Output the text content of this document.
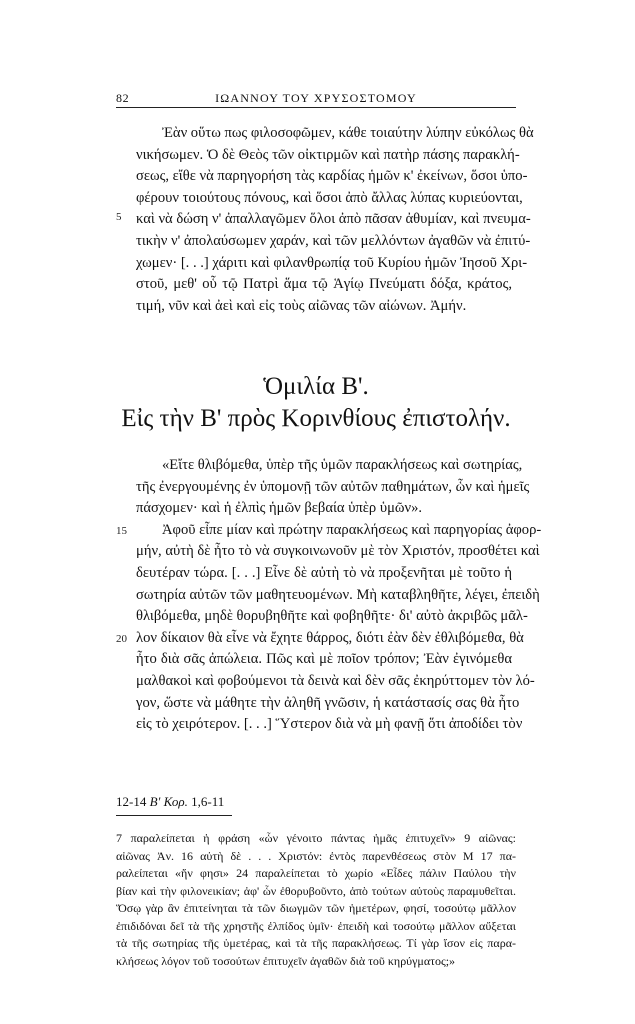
82	ΙΩΑΝΝΟΥ ΤΟΥ ΧΡΥΣΟΣΤΟΜΟΥ
Ἐὰν οὕτω πως φιλοσοφῶμεν, κάθε τοιαύτην λύπην εὐκόλως θὰ
νικήσωμεν. Ὁ δὲ Θεὸς τῶν οἰκτιρμῶν καὶ πατὴρ πάσης παρακλή-
σεως, εἴθε νὰ παρηγορήση τὰς καρδίας ἡμῶν κ' ἐκείνων, ὅσοι ὑπο-
φέρουν τοιούτους πόνους, καὶ ὅσοι ἀπὸ ἄλλας λύπας κυριεύονται,
καὶ νὰ δώση ν' ἀπαλλαγῶμεν ὅλοι ἀπὸ πᾶσαν ἀθυμίαν, καὶ πνευμα-
τικὴν ν' ἀπολαύσωμεν χαράν, καὶ τῶν μελλόντων ἀγαθῶν νὰ ἐπιτύ-
χωμεν· [. . .] χάριτι καὶ φιλανθρωπίᾳ τοῦ Κυρίου ἡμῶν Ἰησοῦ Χρι-
στοῦ, μεθ' οὗ τῷ Πατρὶ ἅμα τῷ Ἁγίῳ Πνεύματι δόξα, κράτος,
τιμή, νῦν καὶ ἀεὶ καὶ εἰς τοὺς αἰῶνας τῶν αἰώνων. Ἀμήν.
5
Ὁμιλία Β'.
Εἰς τὴν Β' πρὸς Κορινθίους ἐπιστολήν.
«Εἴτε θλιβόμεθα, ὑπὲρ τῆς ὑμῶν παρακλήσεως καὶ σωτηρίας,
τῆς ἐνεργουμένης ἐν ὑπομονῇ τῶν αὐτῶν παθημάτων, ὧν καὶ ἡμεῖς
πάσχομεν· καὶ ἡ ἐλπὶς ἡμῶν βεβαία ὑπὲρ ὑμῶν».
Ἀφοῦ εἶπε μίαν καὶ πρώτην παρακλήσεως καὶ παρηγορίας ἀφορ-
μήν, αὐτὴ δὲ ἦτο τὸ νὰ συγκοινωνοῦν μὲ τὸν Χριστόν, προσθέτει καὶ
δευτέραν τώρα. [. . .] Εἶνε δὲ αὐτὴ τὸ νὰ προξενῆται μὲ τοῦτο ἡ
σωτηρία αὐτῶν τῶν μαθητευομένων. Μὴ καταβληθῆτε, λέγει, ἐπειδὴ
θλιβόμεθα, μηδὲ θορυβηθῆτε καὶ φοβηθῆτε· δι' αὐτὸ ἀκριβῶς μᾶλ-
λον δίκαιον θὰ εἶνε νὰ ἔχητε θάρρος, διότι ἐὰν δὲν ἐθλιβόμεθα, θὰ
ἦτο διὰ σᾶς ἀπώλεια. Πῶς καὶ μὲ ποῖον τρόπον; Ἐὰν ἐγινόμεθα
μαλθακοὶ καὶ φοβούμενοι τὰ δεινὰ καὶ δὲν σᾶς ἐκηρύττομεν τὸν λό-
γον, ὥστε νὰ μάθητε τὴν ἀληθῆ γνῶσιν, ἡ κατάστασίς σας θὰ ἦτο
εἰς τὸ χειρότερον. [. . .] Ὕστερον διὰ νὰ μὴ φανῇ ὅτι ἀποδίδει τὸν
15
20
12-14 Β' Κορ. 1,6-11
7 παραλείπεται ἡ φράση «ὧν γένοιτο πάντας ἡμᾶς ἐπιτυχεῖν» 9 αἰῶνας:
αἰῶνας Ἀν. 16 αὐτὴ δὲ . . . Χριστόν: ἐντὸς παρενθέσεως στὸν Μ 17 πα-
ραλείπεται «ἤν φησι» 24 παραλείπεται τὸ χωρίο «Εἶδες πάλιν Παύλου τὴν
βίαν καὶ τὴν φιλονεικίαν; ἀφ' ὧν ἐθορυβοῦντο, ἀπὸ τούτων αὐτοὺς παραμυθεῖται.
Ὅσῳ γὰρ ἂν ἐπιτείνηται τὰ τῶν διωγμῶν τῶν ἡμετέρων, φησί, τοσούτῳ μᾶλλον
ἐπιδιδόναι δεῖ τὰ τῆς χρηστῆς ἐλπίδος ὑμῖν· ἐπειδὴ καὶ τοσούτῳ μᾶλλον αὔξεται
τὰ τῆς σωτηρίας τῆς ὑμετέρας, καὶ τὰ τῆς παρακλήσεως. Τί γὰρ ἴσον εἰς παρα-
κλήσεως λόγον τοῦ τοσούτων ἐπιτυχεῖν ἀγαθῶν διὰ τοῦ κηρύγματος;»
